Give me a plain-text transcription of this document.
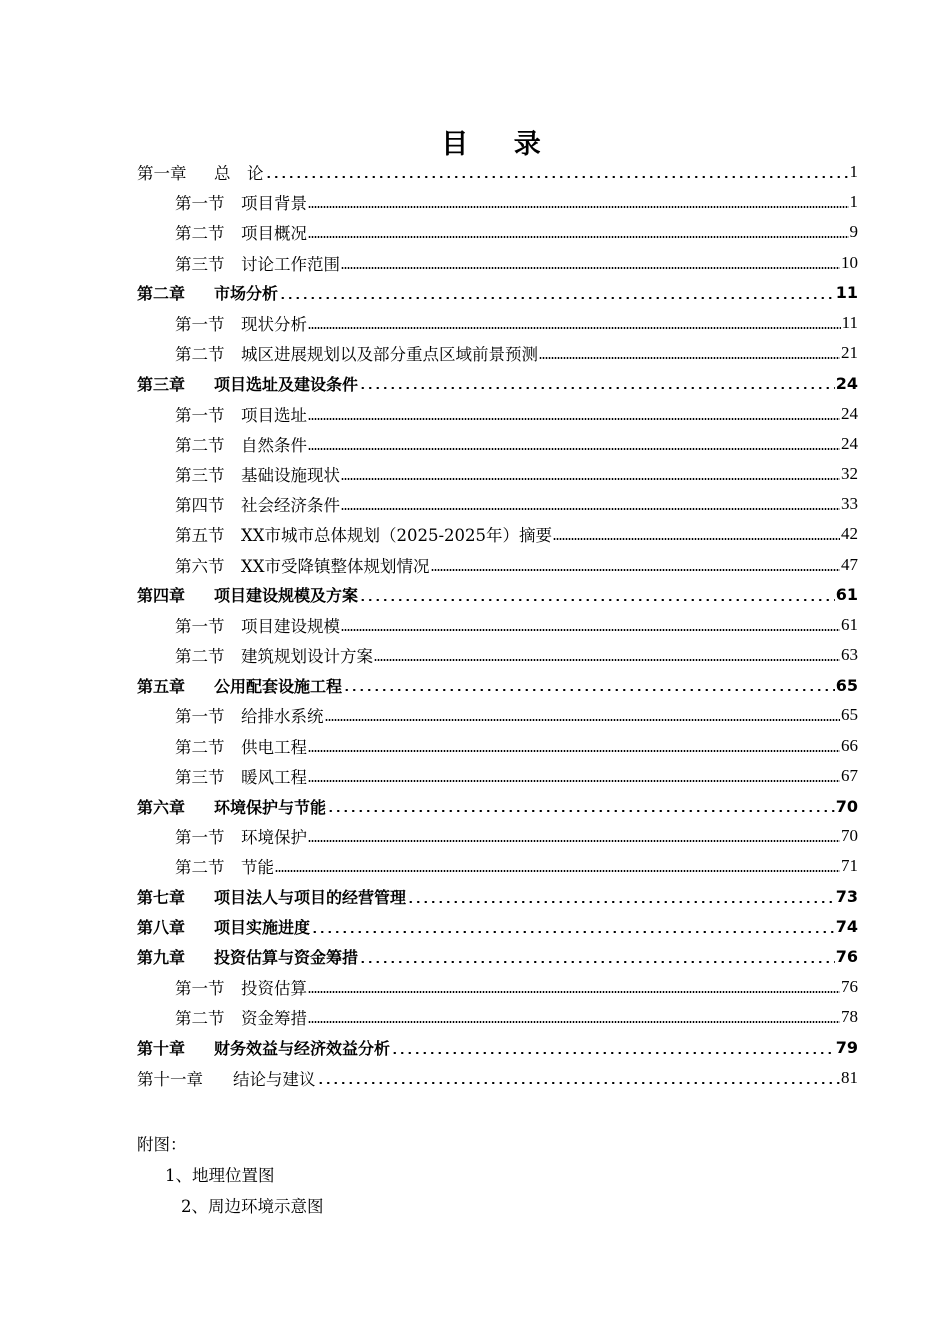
目 录
第一章 总　论	1
第一节 项目背景	1
第二节 项目概况	9
第三节 讨论工作范围	10
第二章 市场分析	11
第一节 现状分析	11
第二节 城区进展规划以及部分重点区域前景预测	21
第三章 项目选址及建设条件	24
第一节 项目选址	24
第二节 自然条件	24
第三节 基础设施现状	32
第四节 社会经济条件	33
第五节 XX市城市总体规划（2025-2025年）摘要	42
第六节 XX市受降镇整体规划情况	47
第四章 项目建设规模及方案	61
第一节 项目建设规模	61
第二节 建筑规划设计方案	63
第五章 公用配套设施工程	65
第一节 给排水系统	65
第二节 供电工程	66
第三节 暖风工程	67
第六章 环境保护与节能	70
第一节 环境保护	70
第二节 节能	71
第七章 项目法人与项目的经营管理	73
第八章 项目实施进度	74
第九章 投资估算与资金筹措	76
第一节 投资估算	76
第二节 资金筹措	78
第十章 财务效益与经济效益分析	79
第十一章 结论与建议	81
附图：
1、地理位置图
2、周边环境示意图
